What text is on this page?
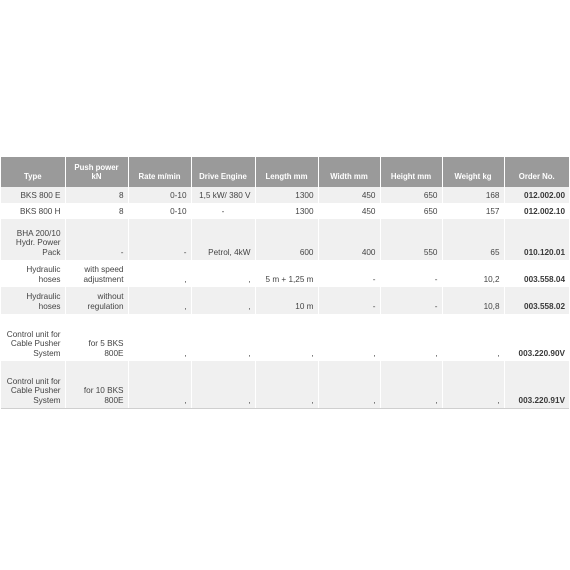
Type	Push power kN	Rate m/min	Drive Engine	Length mm	Width mm	Height mm	Weight kg	Order No.
BKS 800 E	8	0-10	1,5 kW/ 380 V	1300	450	650	168	012.002.00
BKS 800 H	8	0-10	-	1300	450	650	157	012.002.10
BHA 200/10 Hydr. Power Pack	-	-	Petrol, 4kW	600	400	550	65	010.120.01
Hydraulic hoses	with speed adjustment	,	,	5 m + 1,25 m	-	-	10,2	003.558.04
Hydraulic hoses	without regulation	,	,	10 m	-	-	10,8	003.558.02
Control unit for Cable Pusher System	for 5 BKS 800E	,	,	,	,	,	,	003.220.90V
Control unit for Cable Pusher System	for 10 BKS 800E	,	,	,	,	,	,	003.220.91V
